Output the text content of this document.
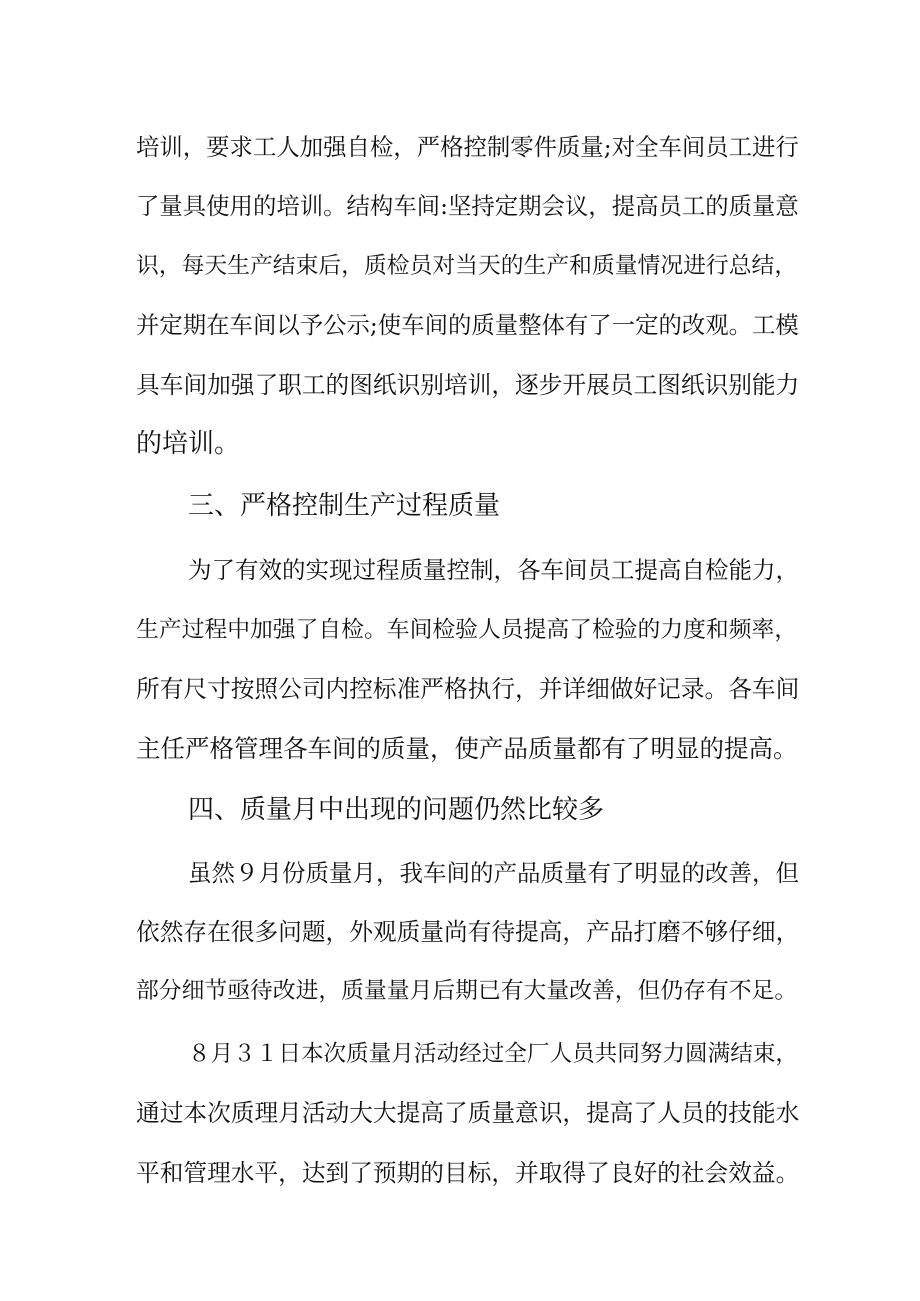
培训，要求工人加强自检，严格控制零件质量;对全车间员工进行
了量具使用的培训。结构车间:坚持定期会议，提高员工的质量意
识，每天生产结束后，质检员对当天的生产和质量情况进行总结，
并定期在车间以予公示;使车间的质量整体有了一定的改观。工模
具车间加强了职工的图纸识别培训，逐步开展员工图纸识别能力
的培训。
三、严格控制生产过程质量
为了有效的实现过程质量控制，各车间员工提高自检能力，
生产过程中加强了自检。车间检验人员提高了检验的力度和频率，
所有尺寸按照公司内控标准严格执行，并详细做好记录。各车间
主任严格管理各车间的质量，使产品质量都有了明显的提高。
四、质量月中出现的问题仍然比较多
虽然９月份质量月，我车间的产品质量有了明显的改善，但
依然存在很多问题，外观质量尚有待提高，产品打磨不够仔细，
部分细节亟待改进，质量量月后期已有大量改善，但仍存有不足。
８月３１日本次质量月活动经过全厂人员共同努力圆满结束，
通过本次质理月活动大大提高了质量意识，提高了人员的技能水
平和管理水平，达到了预期的目标，并取得了良好的社会效益。
